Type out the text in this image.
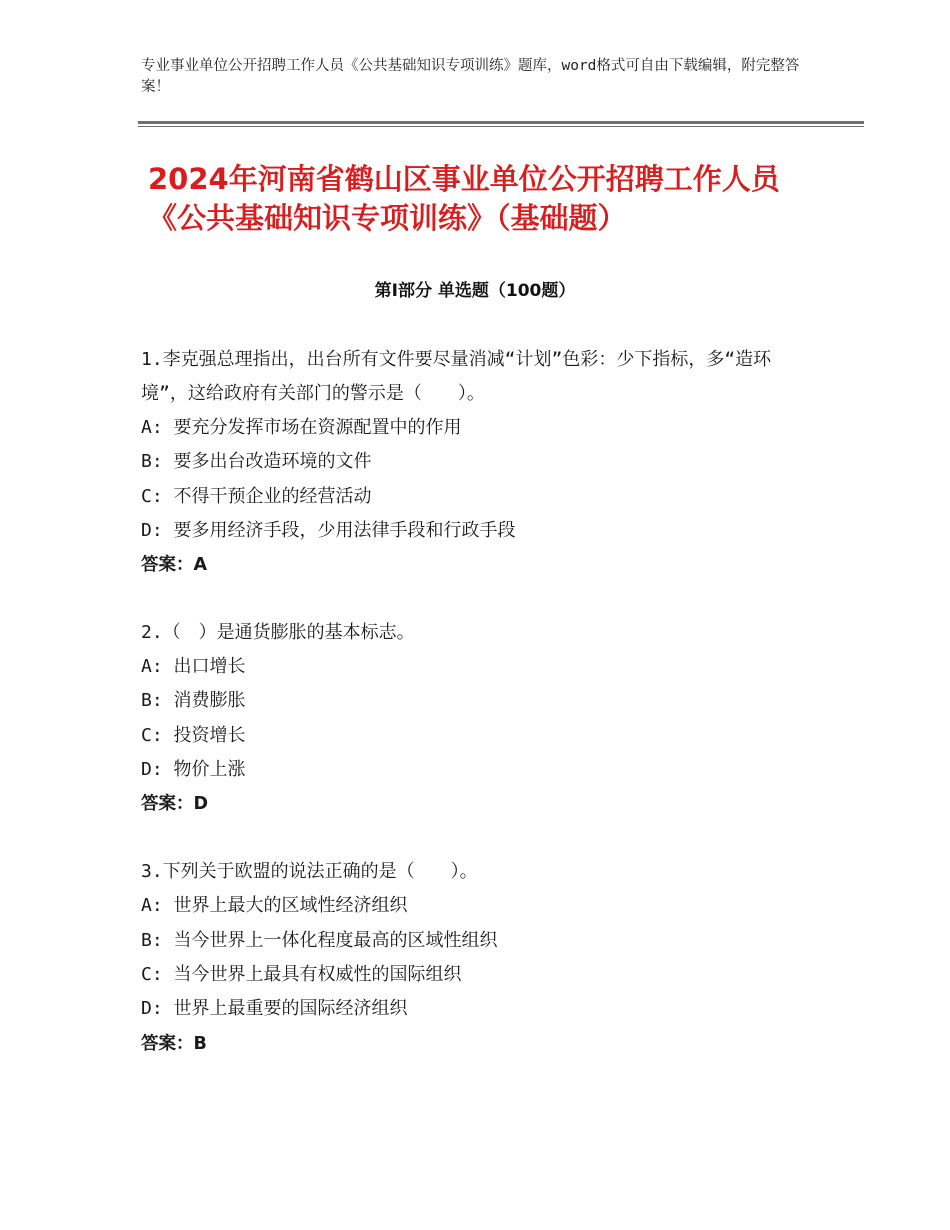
专业事业单位公开招聘工作人员《公共基础知识专项训练》题库，word格式可自由下载编辑，附完整答案！
2024年河南省鹤山区事业单位公开招聘工作人员《公共基础知识专项训练》（基础题）
第Ⅰ部分 单选题（100题）
1.李克强总理指出，出台所有文件要尽量消减“计划”色彩：少下指标，多“造环境”，这给政府有关部门的警示是（　　）。
A: 要充分发挥市场在资源配置中的作用
B: 要多出台改造环境的文件
C: 不得干预企业的经营活动
D: 要多用经济手段，少用法律手段和行政手段
答案：A
2.（　）是通货膨胀的基本标志。
A: 出口增长
B: 消费膨胀
C: 投资增长
D: 物价上涨
答案：D
3.下列关于欧盟的说法正确的是（　　）。
A: 世界上最大的区域性经济组织
B: 当今世界上一体化程度最高的区域性组织
C: 当今世界上最具有权威性的国际组织
D: 世界上最重要的国际经济组织
答案：B
